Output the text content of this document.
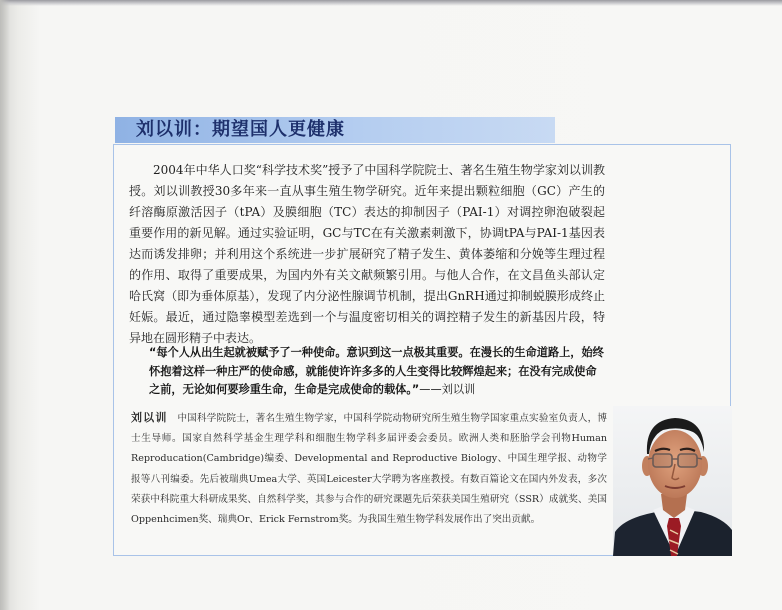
刘以训：期望国人更健康

2004年中华人口奖“科学技术奖”授予了中国科学院院士、著名生殖生物学家刘以训教授。刘以训教授30多年来一直从事生殖生物学研究。近年来提出颗粒细胞（GC）产生的纤溶酶原激活因子（tPA）及膜细胞（TC）表达的抑制因子（PAI-1）对调控卵泡破裂起重要作用的新见解。通过实验证明，GC与TC在有关激素刺激下，协调tPA与PAI-1基因表达而诱发排卵；并利用这个系统进一步扩展研究了精子发生、黄体萎缩和分娩等生理过程的作用、取得了重要成果，为国内外有关文献频繁引用。与他人合作，在文昌鱼头部认定哈氏窝（即为垂体原基），发现了内分泌性腺调节机制，提出GnRH通过抑制蜕膜形成终止妊娠。最近，通过隐睾模型差选到一个与温度密切相关的调控精子发生的新基因片段，特异地在圆形精子中表达。

“每个人从出生起就被赋予了一种使命。意识到这一点极其重要。在漫长的生命道路上，始终怀抱着这样一种庄严的使命感，就能使许许多多的人生变得比较辉煌起来；在没有完成使命之前，无论如何要珍重生命，生命是完成使命的载体。”——刘以训

刘以训 中国科学院院士，著名生殖生物学家，中国科学院动物研究所生殖生物学国家重点实验室负责人，博士生导师。国家自然科学基金生理学科和细胞生物学科多届评委会委员。欧洲人类和胚胎学会刊物Human Reproducation(Cambridge)编委、Developmental and Reproductive Biology、中国生理学报、动物学报等八刊编委。先后被瑞典Umea大学、英国Leicester大学聘为客座教授。有数百篇论文在国内外发表，多次荣获中科院重大科研成果奖、自然科学奖，其参与合作的研究课题先后荣获美国生殖研究（SSR）成就奖、美国Oppenhcimen奖、瑞典Or、Erick Fernstrom奖。为我国生殖生物学科发展作出了突出贡献。
